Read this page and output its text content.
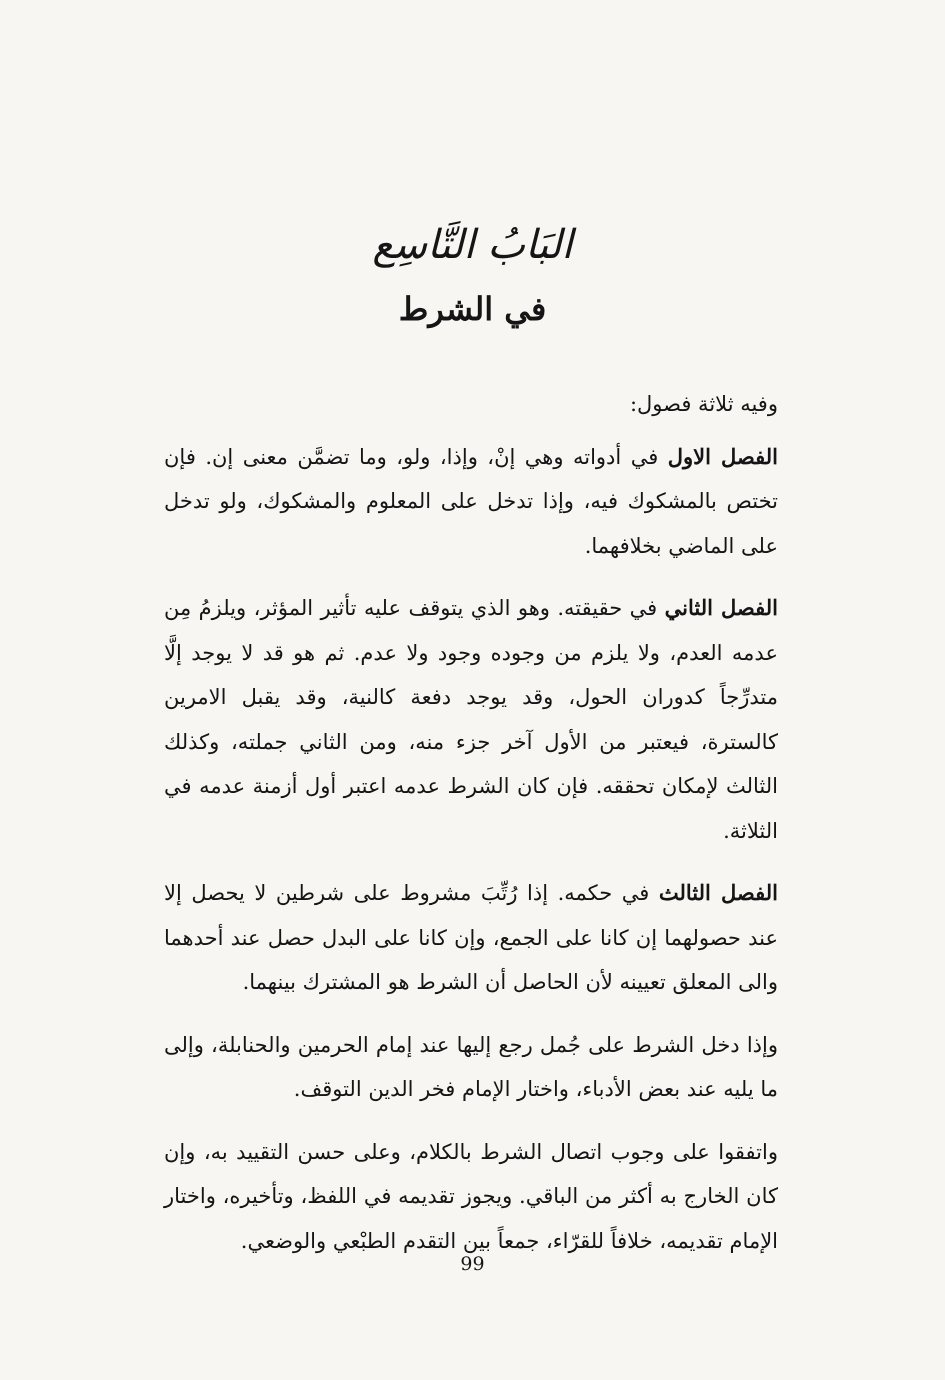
البَابُ التَّاسِع
في الشرط

وفيه ثلاثة فصول:

الفصل الاول في أدواته وهي إنْ، وإذا، ولو، وما تضمَّن معنى إن. فإن تختص بالمشكوك فيه، وإذا تدخل على المعلوم والمشكوك، ولو تدخل على الماضي بخلافهما.

الفصل الثاني في حقيقته. وهو الذي يتوقف عليه تأثير المؤثر، ويلزمُ مِن عدمه العدم، ولا يلزم من وجوده وجود ولا عدم. ثم هو قد لا يوجد إلَّا متدرِّجاً كدوران الحول، وقد يوجد دفعة كالنية، وقد يقبل الامرين كالسترة، فيعتبر من الأول آخر جزء منه، ومن الثاني جملته، وكذلك الثالث لإمكان تحققه. فإن كان الشرط عدمه اعتبر أول أزمنة عدمه في الثلاثة.

الفصل الثالث في حكمه. إذا رُتِّبَ مشروط على شرطين لا يحصل إلا عند حصولهما إن كانا على الجمع، وإن كانا على البدل حصل عند أحدهما والى المعلق تعيينه لأن الحاصل أن الشرط هو المشترك بينهما.

وإذا دخل الشرط على جُمل رجع إليها عند إمام الحرمين والحنابلة، وإلى ما يليه عند بعض الأدباء، واختار الإمام فخر الدين التوقف.

واتفقوا على وجوب اتصال الشرط بالكلام، وعلى حسن التقييد به، وإن كان الخارج به أكثر من الباقي. ويجوز تقديمه في اللفظ، وتأخيره، واختار الإمام تقديمه، خلافاً للقرّاء، جمعاً بين التقدم الطبْعي والوضعي.

99
